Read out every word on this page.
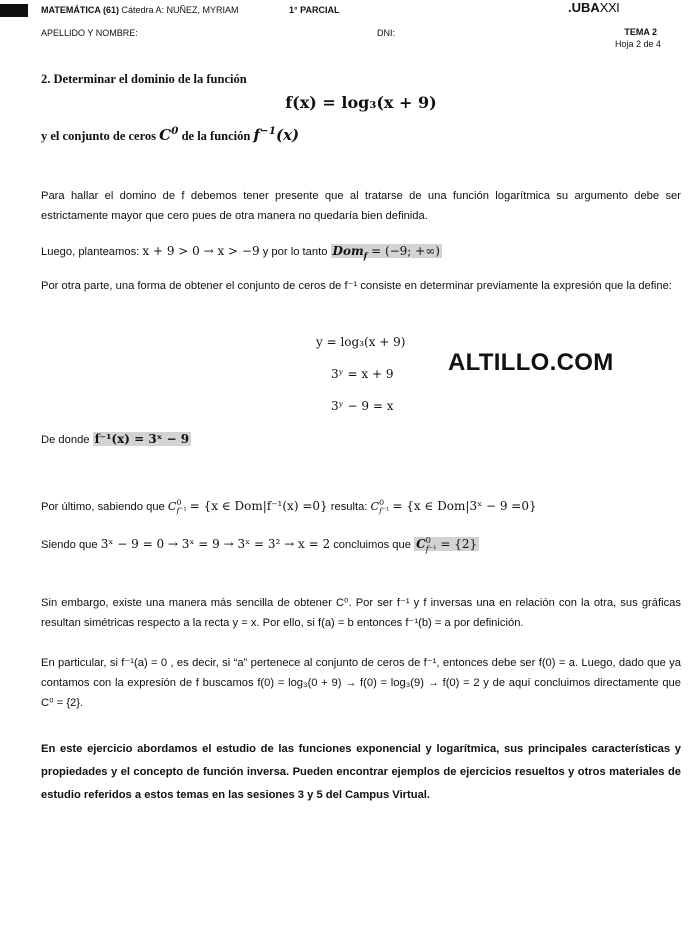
MATEMÁTICA (61) Cátedra A: NUÑEZ, MYRIAM	1° PARCIAL	.UBAXXI
APELLIDO Y NOMBRE:	DNI:	TEMA 2
Hoja 2 de 4
2. Determinar el dominio de la función
f(x) = log₃(x + 9)
y el conjunto de ceros $C^0$ de la función $f^{-1}(x)$
Para hallar el domino de f debemos tener presente que al tratarse de una función logarítmica su argumento debe ser estrictamente mayor que cero pues de otra manera no quedaría bien definida.
Luego, planteamos: x + 9 > 0 → x > −9 y por lo tanto Dom$_f$ = (−9; +∞)
Por otra parte, una forma de obtener el conjunto de ceros de f⁻¹ consiste en determinar previamente la expresión que la define:
y = log₃(x + 9)
3ʸ = x + 9
3ʸ − 9 = x
ALTILLO.COM
De donde f⁻¹(x) = 3ˣ − 9
Por último, sabiendo que C 0
f⁻¹ = {x ∈ Dom|f⁻¹(x) =0} resulta: C 0
f⁻¹ = {x ∈ Dom|3ˣ − 9 =0}
Siendo que 3ˣ − 9 = 0 → 3ˣ = 9 → 3ˣ = 3² → x = 2 concluimos que C 0
f⁻¹ = {2}
Sin embargo, existe una manera más sencilla de obtener C⁰. Por ser f⁻¹ y f inversas una en relación con la otra, sus gráficas resultan simétricas respecto a la recta y = x. Por ello, si f(a) = b entonces f⁻¹(b) = a por definición.
En particular, si f⁻¹(a) = 0 , es decir, si “a” pertenece al conjunto de ceros de f⁻¹, entonces debe ser f(0) = a. Luego, dado que ya contamos con la expresión de f buscamos f(0) = log₃(0 + 9) → f(0) = log₃(9) → f(0) = 2 y de aquí concluimos directamente que C⁰ = {2}.
En este ejercicio abordamos el estudio de las funciones exponencial y logarítmica, sus principales características y propiedades y el concepto de función inversa. Pueden encontrar ejemplos de ejercicios resueltos y otros materiales de estudio referidos a estos temas en las sesiones 3 y 5 del Campus Virtual.
